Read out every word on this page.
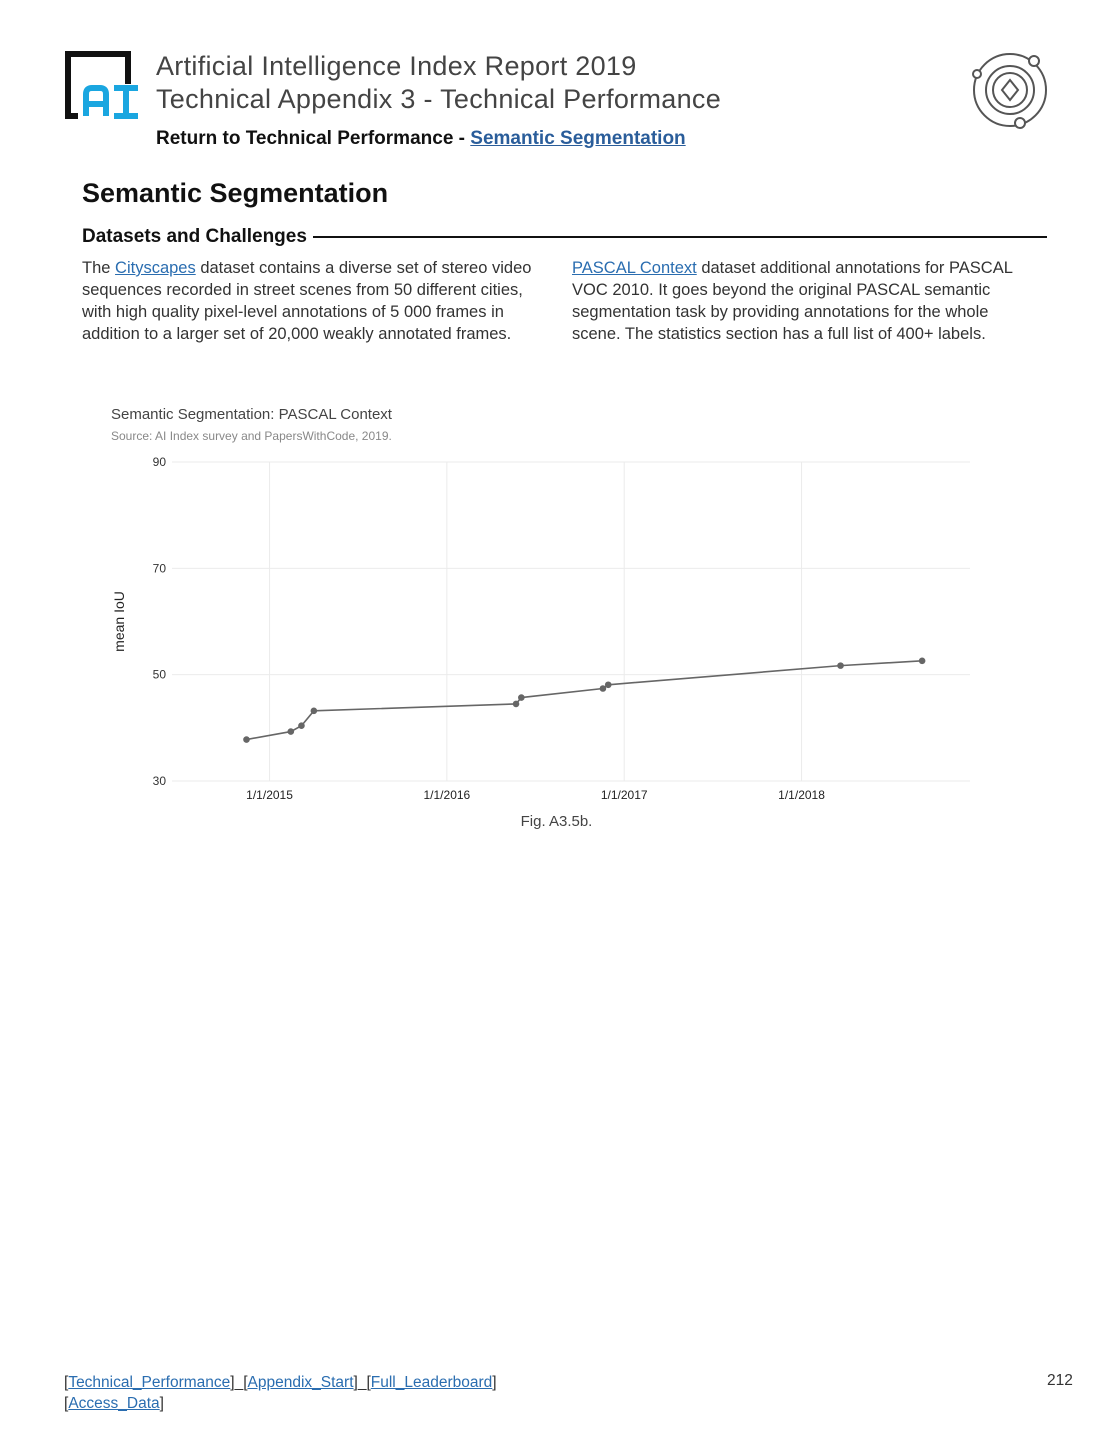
Artificial Intelligence Index Report 2019
Technical Appendix 3 - Technical Performance
Return to Technical Performance - Semantic Segmentation
Semantic Segmentation
Datasets and Challenges
The Cityscapes dataset contains a diverse set of stereo video sequences recorded in street scenes from 50 different cities, with high quality pixel-level annotations of 5 000 frames in addition to a larger set of 20,000 weakly annotated frames.
PASCAL Context dataset additional annotations for PASCAL VOC 2010. It goes beyond the original PASCAL semantic segmentation task by providing annotations for the whole scene. The statistics section has a full list of 400+ labels.
Semantic Segmentation: PASCAL Context
Source: AI Index survey and PapersWithCode, 2019.
30
50
70
90
1/1/2015	1/1/2016	1/1/2017	1/1/2018
mean IoU
Fig. A3.5b.
[Technical_Performance]_[Appendix_Start]_[Full_Leaderboard]
[Access_Data]
212
